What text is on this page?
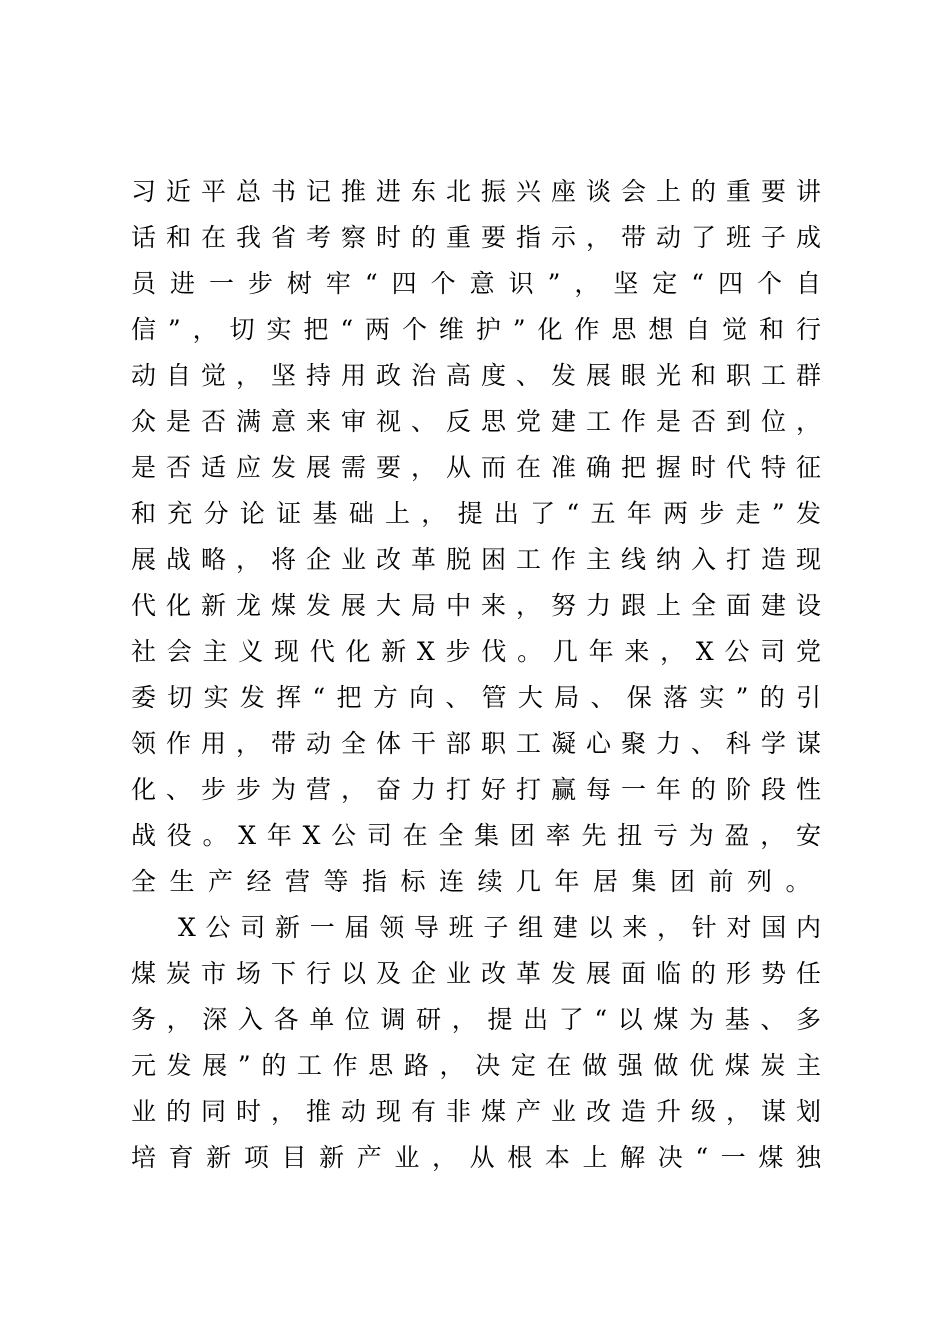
习近平总书记推进东北振兴座谈会上的重要讲
话和在我省考察时的重要指示，带动了班子成
员进一步树牢“四个意识”，坚定“四个自
信”，切实把“两个维护”化作思想自觉和行
动自觉，坚持用政治高度、发展眼光和职工群
众是否满意来审视、反思党建工作是否到位，
是否适应发展需要，从而在准确把握时代特征
和充分论证基础上，提出了“五年两步走”发
展战略，将企业改革脱困工作主线纳入打造现
代化新龙煤发展大局中来，努力跟上全面建设
社会主义现代化新X步伐。几年来，X公司党
委切实发挥“把方向、管大局、保落实”的引
领作用，带动全体干部职工凝心聚力、科学谋
化、步步为营，奋力打好打赢每一年的阶段性
战役。X年X公司在全集团率先扭亏为盈，安
全生产经营等指标连续几年居集团前列。
X公司新一届领导班子组建以来，针对国内
煤炭市场下行以及企业改革发展面临的形势任
务，深入各单位调研，提出了“以煤为基、多
元发展”的工作思路，决定在做强做优煤炭主
业的同时，推动现有非煤产业改造升级，谋划
培育新项目新产业，从根本上解决“一煤独
